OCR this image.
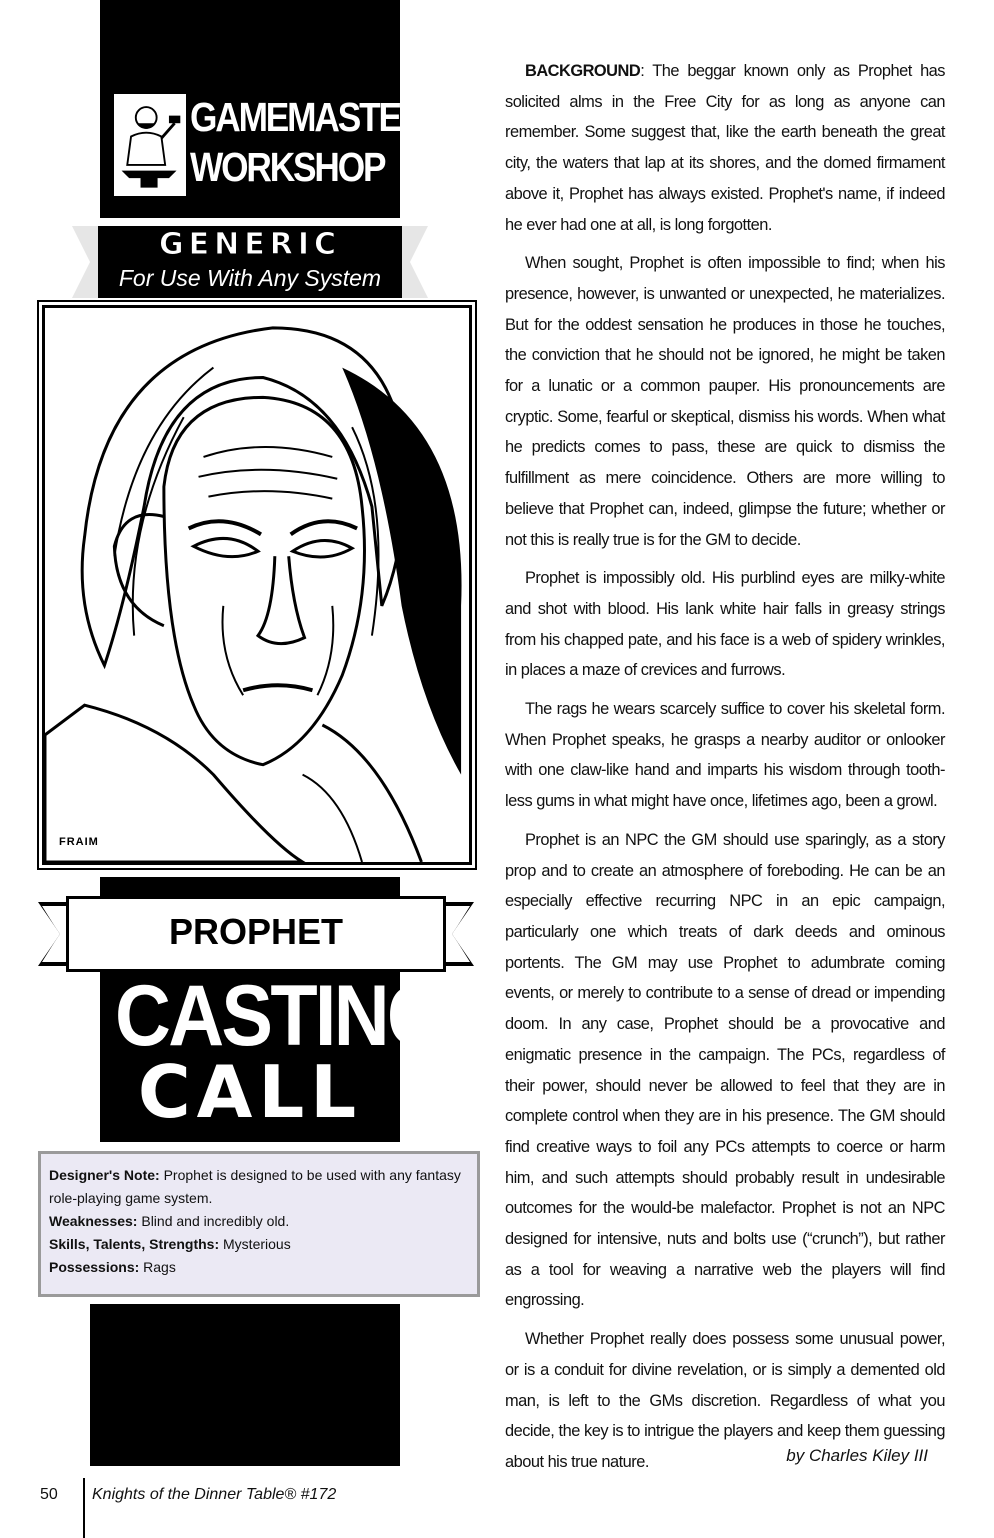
GAMEMASTERS'
WORKSHOP
GENERIC
For Use With Any System
FRAIM
PROPHET
CASTING
CALL
Designer's Note: Prophet is designed to be used with any fantasy role-playing game system.
Weaknesses: Blind and incredibly old.
Skills, Talents, Strengths: Mysterious
Possessions: Rags

BACKGROUND: The beggar known only as Prophet has solicited alms in the Free City for as long as anyone can remember. Some suggest that, like the earth beneath the great city, the waters that lap at its shores, and the domed firmament above it, Prophet has always existed. Prophet's name, if indeed he ever had one at all, is long forgotten.

When sought, Prophet is often impossible to find; when his presence, however, is unwanted or unexpected, he materializes. But for the oddest sensation he produces in those he touches, the conviction that he should not be ignored, he might be taken for a lunatic or a common pauper. His pronouncements are cryptic. Some, fearful or skeptical, dismiss his words. When what he predicts comes to pass, these are quick to dismiss the fulfillment as mere coincidence. Others are more willing to believe that Prophet can, indeed, glimpse the future; whether or not this is really true is for the GM to decide.

Prophet is impossibly old. His purblind eyes are milky-white and shot with blood. His lank white hair falls in greasy strings from his chapped pate, and his face is a web of spidery wrinkles, in places a maze of crevices and furrows.

The rags he wears scarcely suffice to cover his skeletal form. When Prophet speaks, he grasps a nearby auditor or onlooker with one claw-like hand and imparts his wisdom through tooth-less gums in what might have once, lifetimes ago, been a growl.

Prophet is an NPC the GM should use sparingly, as a story prop and to create an atmosphere of foreboding. He can be an especially effective recurring NPC in an epic campaign, particularly one which treats of dark deeds and ominous portents. The GM may use Prophet to adumbrate coming events, or merely to contribute to a sense of dread or impending doom. In any case, Prophet should be a provocative and enigmatic presence in the campaign. The PCs, regardless of their power, should never be allowed to feel that they are in complete control when they are in his presence. The GM should find creative ways to foil any PCs attempts to coerce or harm him, and such attempts should probably result in undesirable outcomes for the would-be malefactor. Prophet is not an NPC designed for intensive, nuts and bolts use (“crunch”), but rather as a tool for weaving a narrative web the players will find engrossing.

Whether Prophet really does possess some unusual power, or is a conduit for divine revelation, or is simply a demented old man, is left to the GMs discretion. Regardless of what you decide, the key is to intrigue the players and keep them guessing about his true nature.	by Charles Kiley III
50 Knights of the Dinner Table® #172
